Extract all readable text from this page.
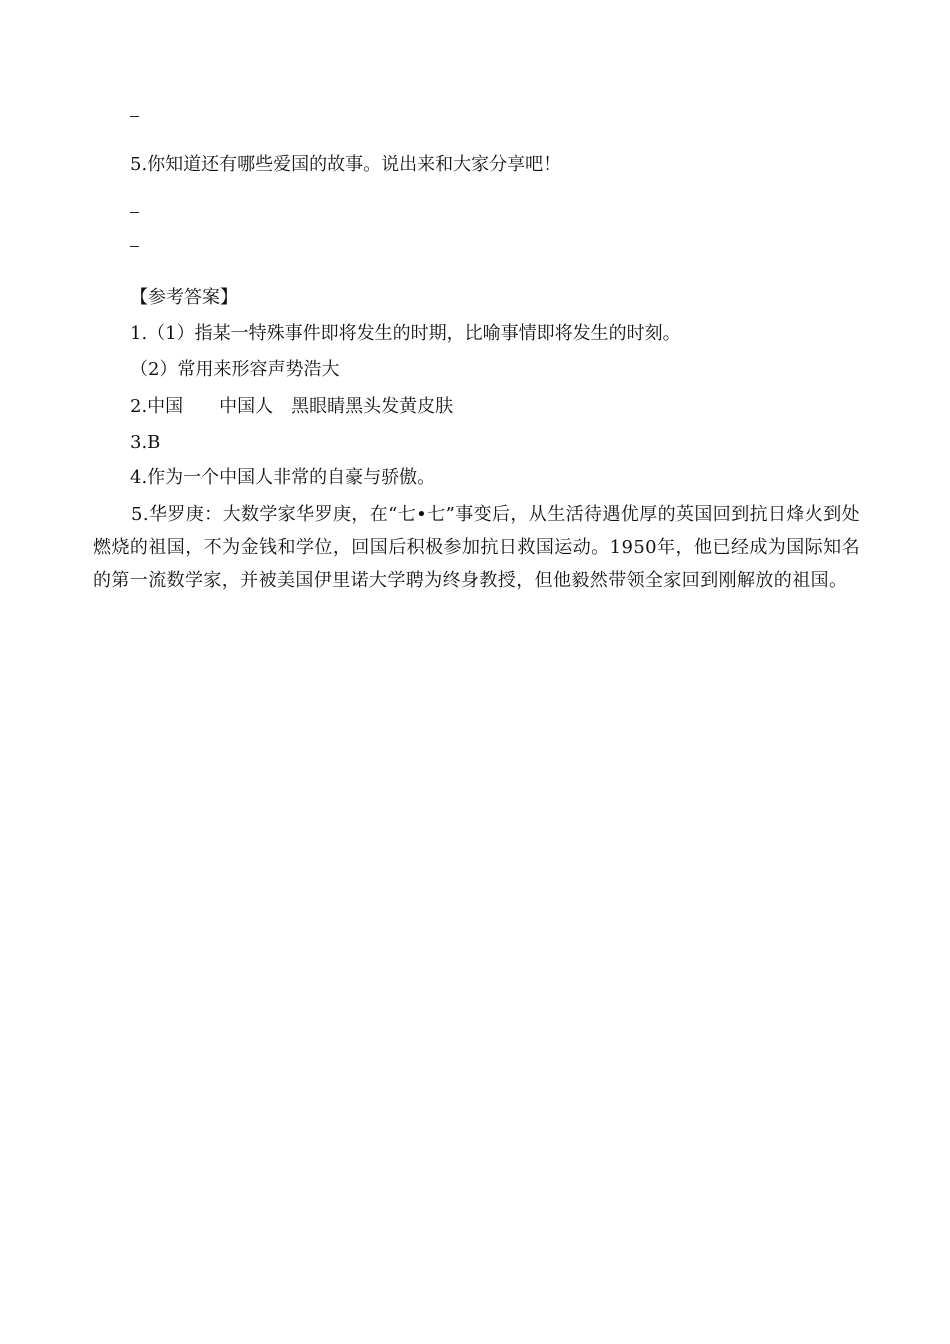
5.你知道还有哪些爱国的故事。说出来和大家分享吧！
【参考答案】
1.（1）指某一特殊事件即将发生的时期，比喻事情即将发生的时刻。
（2）常用来形容声势浩大
2.中国　　中国人　黑眼睛黑头发黄皮肤
3.B
4.作为一个中国人非常的自豪与骄傲。
5.华罗庚：大数学家华罗庚，在“七•七”事变后，从生活待遇优厚的英国回到抗日烽火到处燃烧的祖国，不为金钱和学位，回国后积极参加抗日救国运动。1950年，他已经成为国际知名的第一流数学家，并被美国伊里诺大学聘为终身教授，但他毅然带领全家回到刚解放的祖国。
